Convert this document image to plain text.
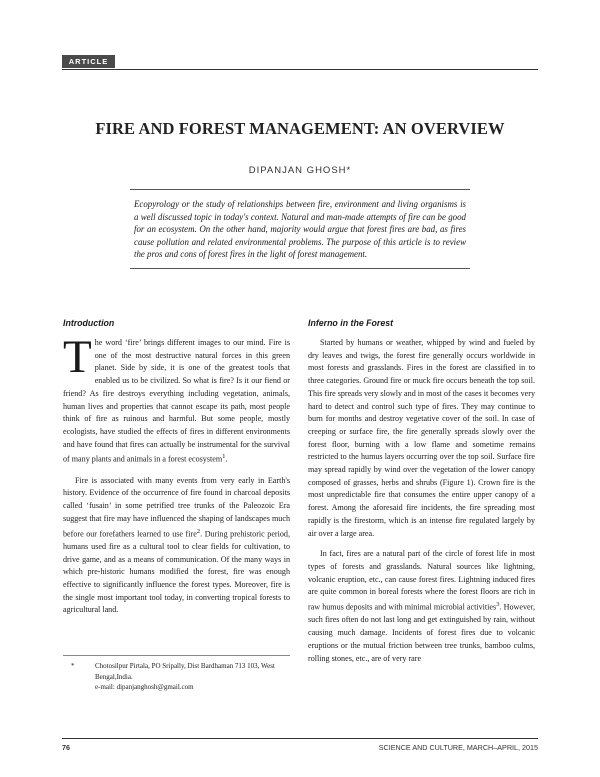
ARTICLE
FIRE AND FOREST MANAGEMENT: AN OVERVIEW
DIPANJAN GHOSH*
Ecopyrology or the study of relationships between fire, environment and living organisms is a well discussed topic in today's context. Natural and man-made attempts of fire can be good for an ecosystem. On the other hand, majority would argue that forest fires are bad, as fires cause pollution and related environmental problems. The purpose of this article is to review the pros and cons of forest fires in the light of forest management.
Introduction

The word ‘fire’ brings different images to our mind. Fire is one of the most destructive natural forces in this green planet. Side by side, it is one of the greatest tools that enabled us to be civilized. So what is fire? Is it our fiend or friend? As fire destroys everything including vegetation, animals, human lives and properties that cannot escape its path, most people think of fire as ruinous and harmful. But some people, mostly ecologists, have studied the effects of fires in different environments and have found that fires can actually be instrumental for the survival of many plants and animals in a forest ecosystem$^1$.

Fire is associated with many events from very early in Earth's history. Evidence of the occurrence of fire found in charcoal deposits called ‘fusain’ in some petrified tree trunks of the Paleozoic Era suggest that fire may have influenced the shaping of landscapes much before our forefathers learned to use fire$^2$. During prehistoric period, humans used fire as a cultural tool to clear fields for cultivation, to drive game, and as a means of communication. Of the many ways in which pre-historic humans modified the forest, fire was enough effective to significantly influence the forest types. Moreover, fire is the single most important tool today, in converting tropical forests to agricultural land.

Inferno in the Forest

Started by humans or weather, whipped by wind and fueled by dry leaves and twigs, the forest fire generally occurs worldwide in most forests and grasslands. Fires in the forest are classified in to three categories. Ground fire or muck fire occurs beneath the top soil. This fire spreads very slowly and in most of the cases it becomes very hard to detect and control such type of fires. They may continue to burn for months and destroy vegetative cover of the soil. In case of creeping or surface fire, the fire generally spreads slowly over the forest floor, burning with a low flame and sometime remains restricted to the humus layers occurring over the top soil. Surface fire may spread rapidly by wind over the vegetation of the lower canopy composed of grasses, herbs and shrubs (Figure 1). Crown fire is the most unpredictable fire that consumes the entire upper canopy of a forest. Among the aforesaid fire incidents, the fire spreading most rapidly is the firestorm, which is an intense fire regulated largely by air over a large area.

In fact, fires are a natural part of the circle of forest life in most types of forests and grasslands. Natural sources like lightning, volcanic eruption, etc., can cause forest fires. Lightning induced fires are quite common in boreal forests where the forest floors are rich in raw humus deposits and with minimal microbial activities$^3$. However, such fires often do not last long and get extinguished by rain, without causing much damage. Incidents of forest fires due to volcanic eruptions or the mutual friction between tree trunks, bamboo culms, rolling stones, etc., are of very rare

*	Chotosilpur Pirtala, PO Sripally, Dist Bardhaman 713 103, West Bengal,India.
e-mail: dipanjanghosh@gmail.com
76	SCIENCE AND CULTURE, MARCH–APRIL, 2015
